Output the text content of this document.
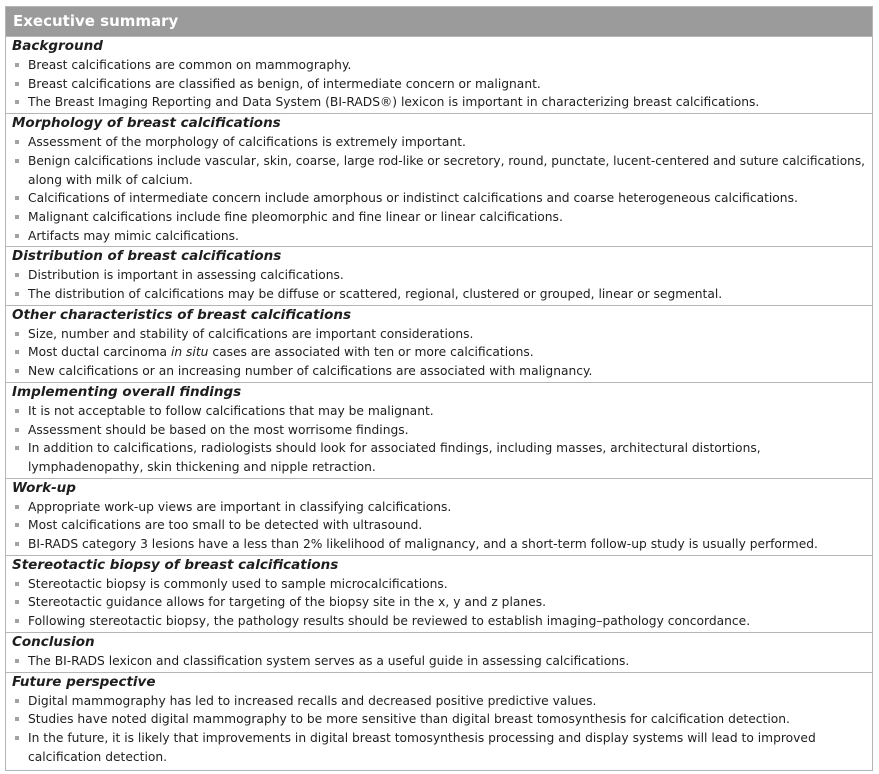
Executive summary
Background
Breast calcifications are common on mammography.
Breast calcifications are classified as benign, of intermediate concern or malignant.
The Breast Imaging Reporting and Data System (BI-RADS®) lexicon is important in characterizing breast calcifications.
Morphology of breast calcifications
Assessment of the morphology of calcifications is extremely important.
Benign calcifications include vascular, skin, coarse, large rod-like or secretory, round, punctate, lucent-centered and suture calcifications,
along with milk of calcium.
Calcifications of intermediate concern include amorphous or indistinct calcifications and coarse heterogeneous calcifications.
Malignant calcifications include fine pleomorphic and fine linear or linear calcifications.
Artifacts may mimic calcifications.
Distribution of breast calcifications
Distribution is important in assessing calcifications.
The distribution of calcifications may be diffuse or scattered, regional, clustered or grouped, linear or segmental.
Other characteristics of breast calcifications
Size, number and stability of calcifications are important considerations.
Most ductal carcinoma in situ cases are associated with ten or more calcifications.
New calcifications or an increasing number of calcifications are associated with malignancy.
Implementing overall findings
It is not acceptable to follow calcifications that may be malignant.
Assessment should be based on the most worrisome findings.
In addition to calcifications, radiologists should look for associated findings, including masses, architectural distortions,
lymphadenopathy, skin thickening and nipple retraction.
Work-up
Appropriate work-up views are important in classifying calcifications.
Most calcifications are too small to be detected with ultrasound.
BI-RADS category 3 lesions have a less than 2% likelihood of malignancy, and a short-term follow-up study is usually performed.
Stereotactic biopsy of breast calcifications
Stereotactic biopsy is commonly used to sample microcalcifications.
Stereotactic guidance allows for targeting of the biopsy site in the x, y and z planes.
Following stereotactic biopsy, the pathology results should be reviewed to establish imaging–pathology concordance.
Conclusion
The BI-RADS lexicon and classification system serves as a useful guide in assessing calcifications.
Future perspective
Digital mammography has led to increased recalls and decreased positive predictive values.
Studies have noted digital mammography to be more sensitive than digital breast tomosynthesis for calcification detection.
In the future, it is likely that improvements in digital breast tomosynthesis processing and display systems will lead to improved
calcification detection.
